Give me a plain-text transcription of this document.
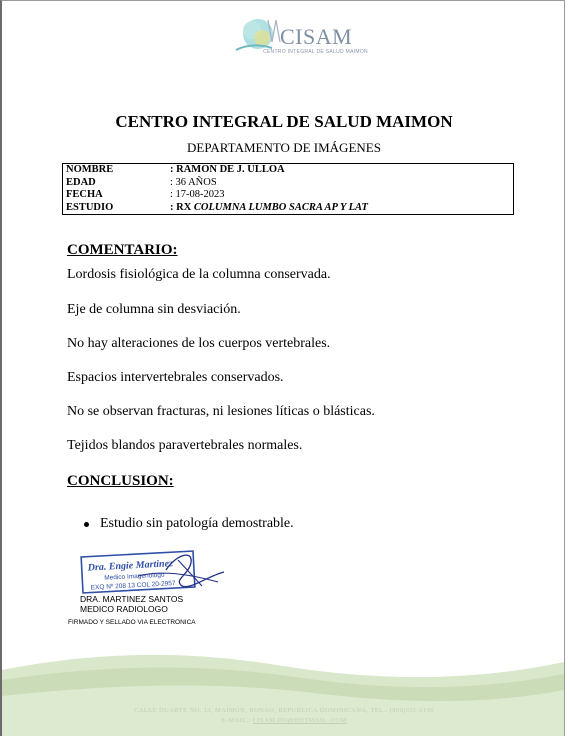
CISAM
CENTRO INTEGRAL DE SALUD MAIMON
CENTRO INTEGRAL DE SALUD MAIMON
DEPARTAMENTO DE IMÁGENES
NOMBRE	: RAMON DE J. ULLOA
EDAD	: 36 AÑOS
FECHA	: 17-08-2023
ESTUDIO	: RX COLUMNA LUMBO SACRA AP Y LAT
COMENTARIO:
Lordosis fisiológica de la columna conservada.
Eje de columna sin desviación.
No hay alteraciones de los cuerpos vertebrales.
Espacios intervertebrales conservados.
No se observan fracturas, ni lesiones líticas o blásticas.
Tejidos blandos paravertebrales normales.
CONCLUSION:
Estudio sin patología demostrable.
Dra. Engie Martinez
Medico Imagenologo
EXQ Nº 208 13 COL 20-2957
DRA. MARTINEZ SANTOS
MEDICO RADIOLOGO
FIRMADO Y SELLADO VIA ELECTRONICA
CALLE DUARTE NO. 13, MAIMÓN, BONAO, REPUBLICA DOMINICANA, TEL.: (809)331-2196
E-MAIL.: CISAM.DO@HOTMAIL .COM
